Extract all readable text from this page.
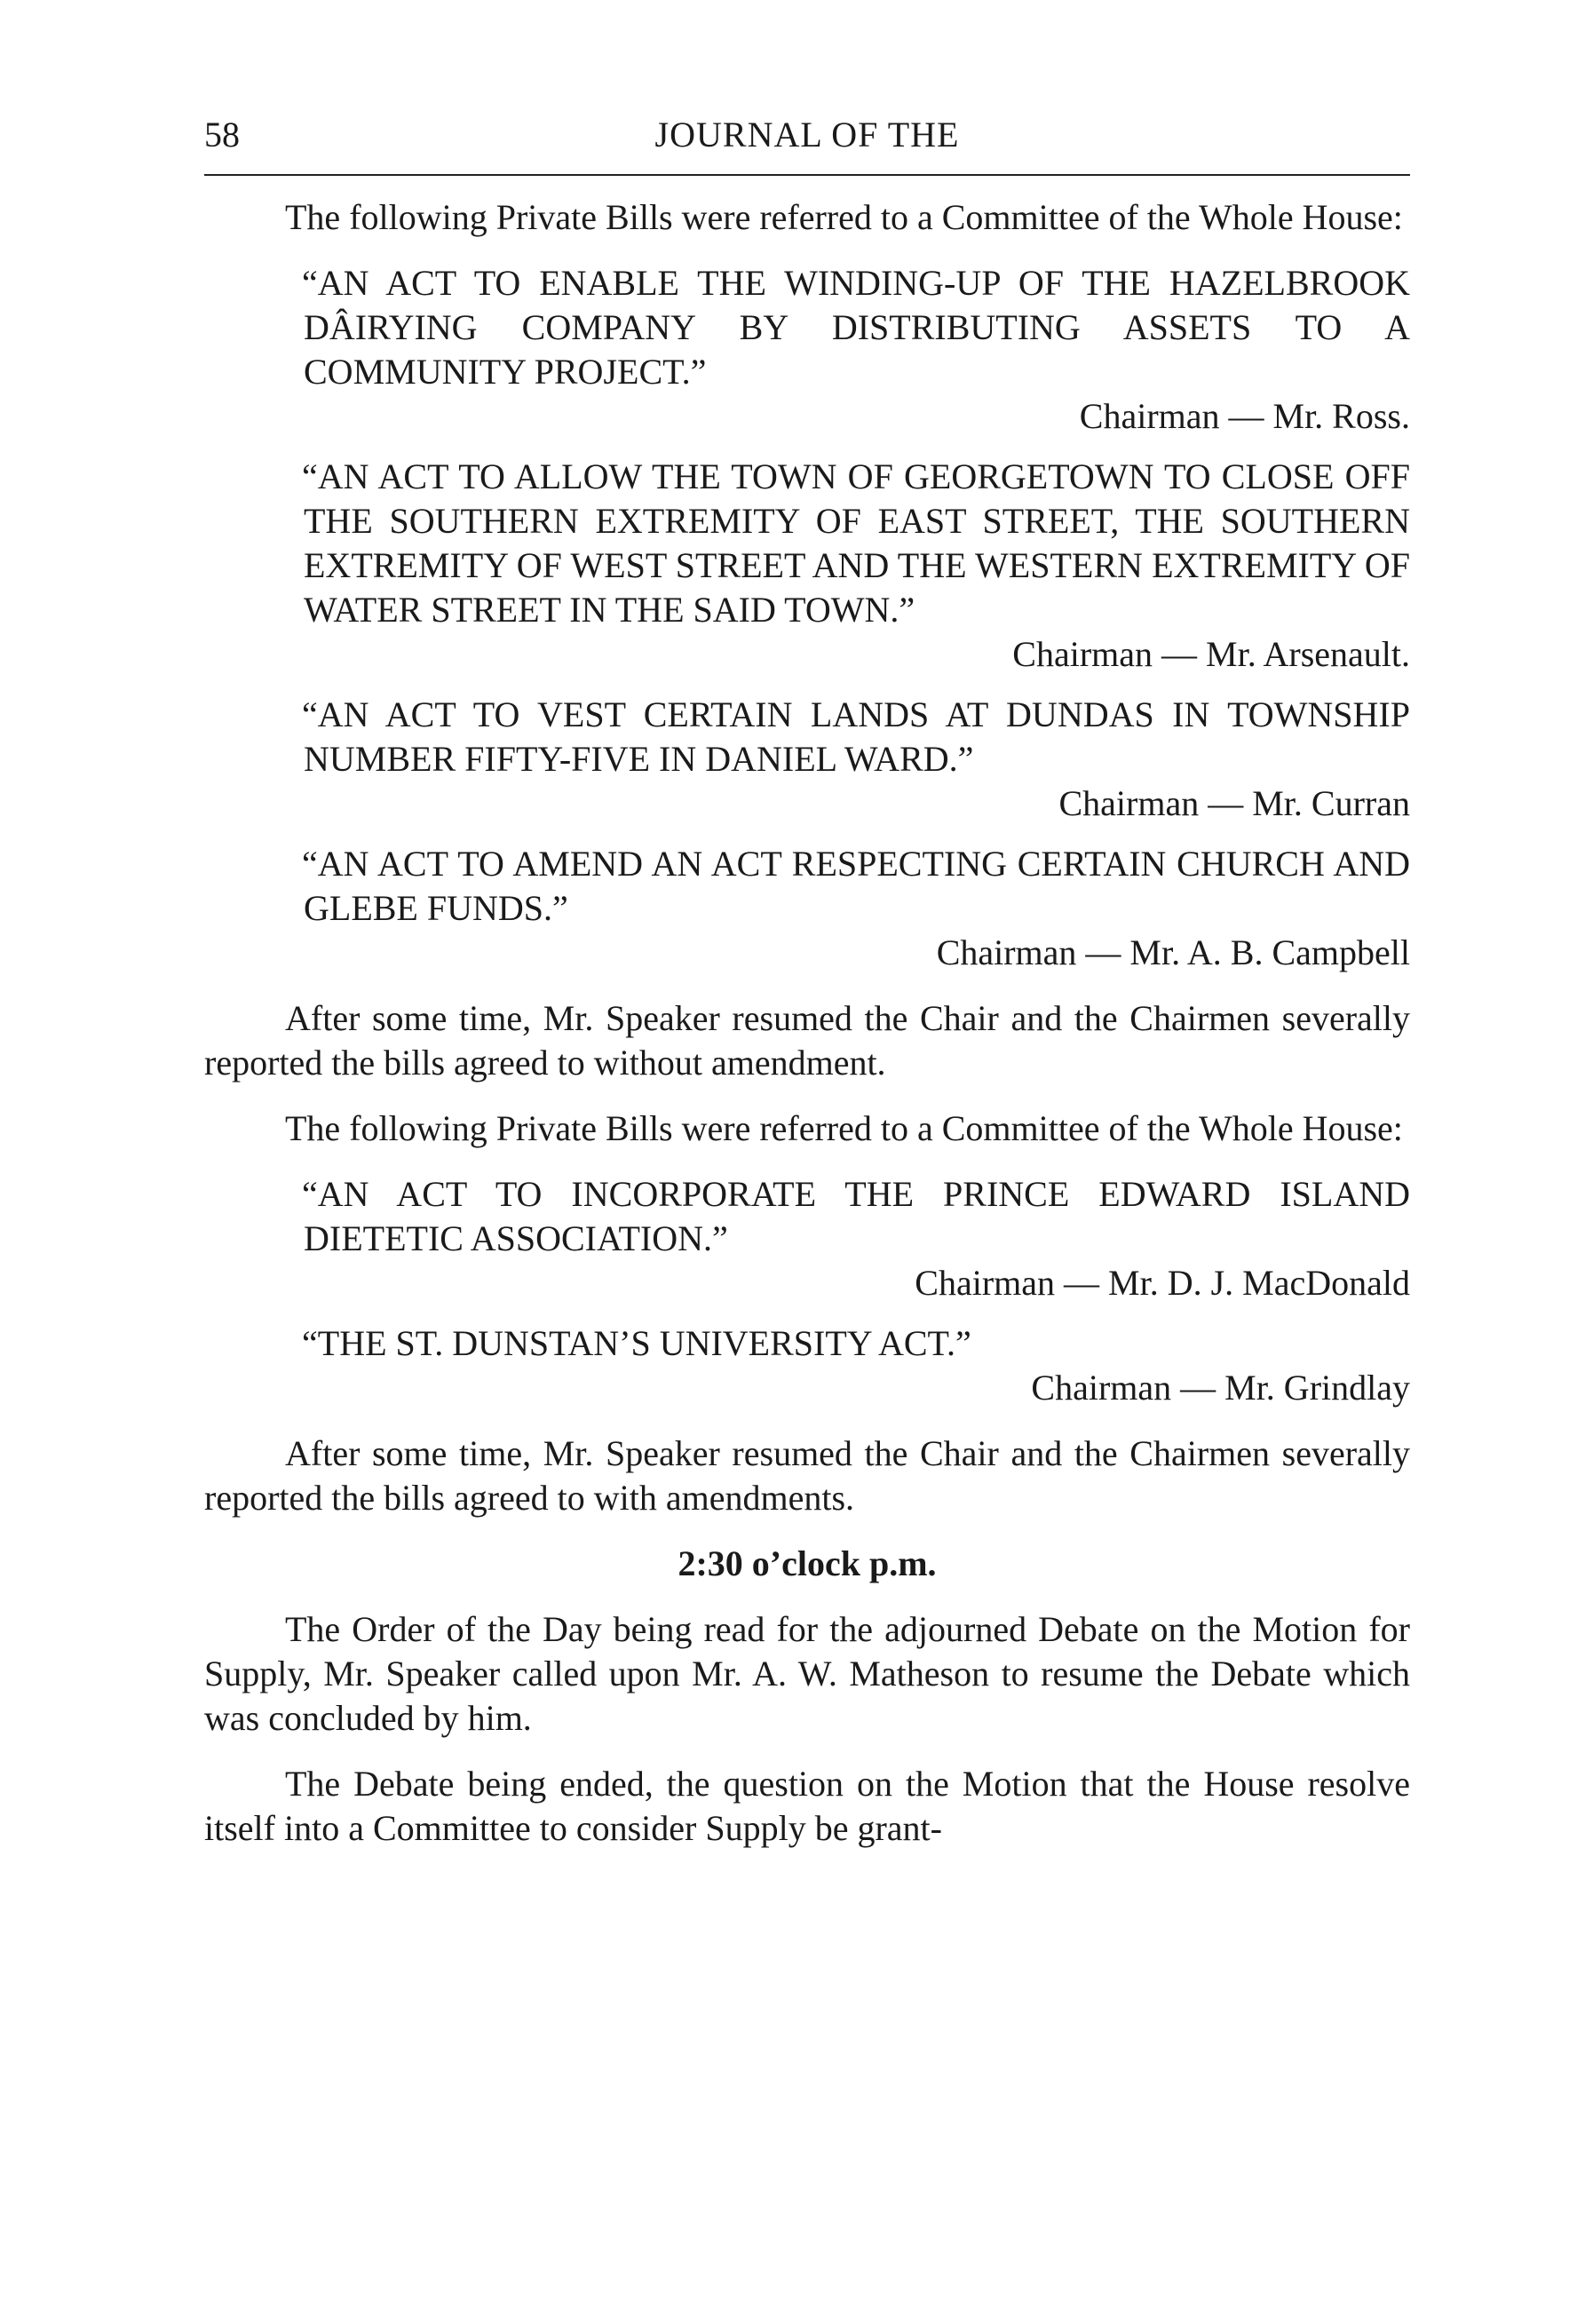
58	JOURNAL OF THE

The following Private Bills were referred to a Committee of the Whole House:

“AN ACT TO ENABLE THE WINDING-UP OF THE HAZELBROOK DÂIRYING COMPANY BY DISTRIBUTING ASSETS TO A COMMUNITY PROJECT.”

Chairman — Mr. Ross.

“AN ACT TO ALLOW THE TOWN OF GEORGETOWN TO CLOSE OFF THE SOUTHERN EXTREMITY OF EAST STREET, THE SOUTHERN EXTREMITY OF WEST STREET AND THE WESTERN EXTREMITY OF WATER STREET IN THE SAID TOWN.”

Chairman — Mr. Arsenault.

“AN ACT TO VEST CERTAIN LANDS AT DUNDAS IN TOWNSHIP NUMBER FIFTY-FIVE IN DANIEL WARD.”

Chairman — Mr. Curran

“AN ACT TO AMEND AN ACT RESPECTING CERTAIN CHURCH AND GLEBE FUNDS.”

Chairman — Mr. A. B. Campbell

After some time, Mr. Speaker resumed the Chair and the Chairmen severally reported the bills agreed to without amendment.

The following Private Bills were referred to a Committee of the Whole House:

“AN ACT TO INCORPORATE THE PRINCE EDWARD ISLAND DIETETIC ASSOCIATION.”

Chairman — Mr. D. J. MacDonald

“THE ST. DUNSTAN’S UNIVERSITY ACT.”

Chairman — Mr. Grindlay

After some time, Mr. Speaker resumed the Chair and the Chairmen severally reported the bills agreed to with amendments.

2:30 o’clock p.m.

The Order of the Day being read for the adjourned Debate on the Motion for Supply, Mr. Speaker called upon Mr. A. W. Matheson to resume the Debate which was concluded by him.

The Debate being ended, the question on the Motion that the House resolve itself into a Committee to consider Supply be grant-
